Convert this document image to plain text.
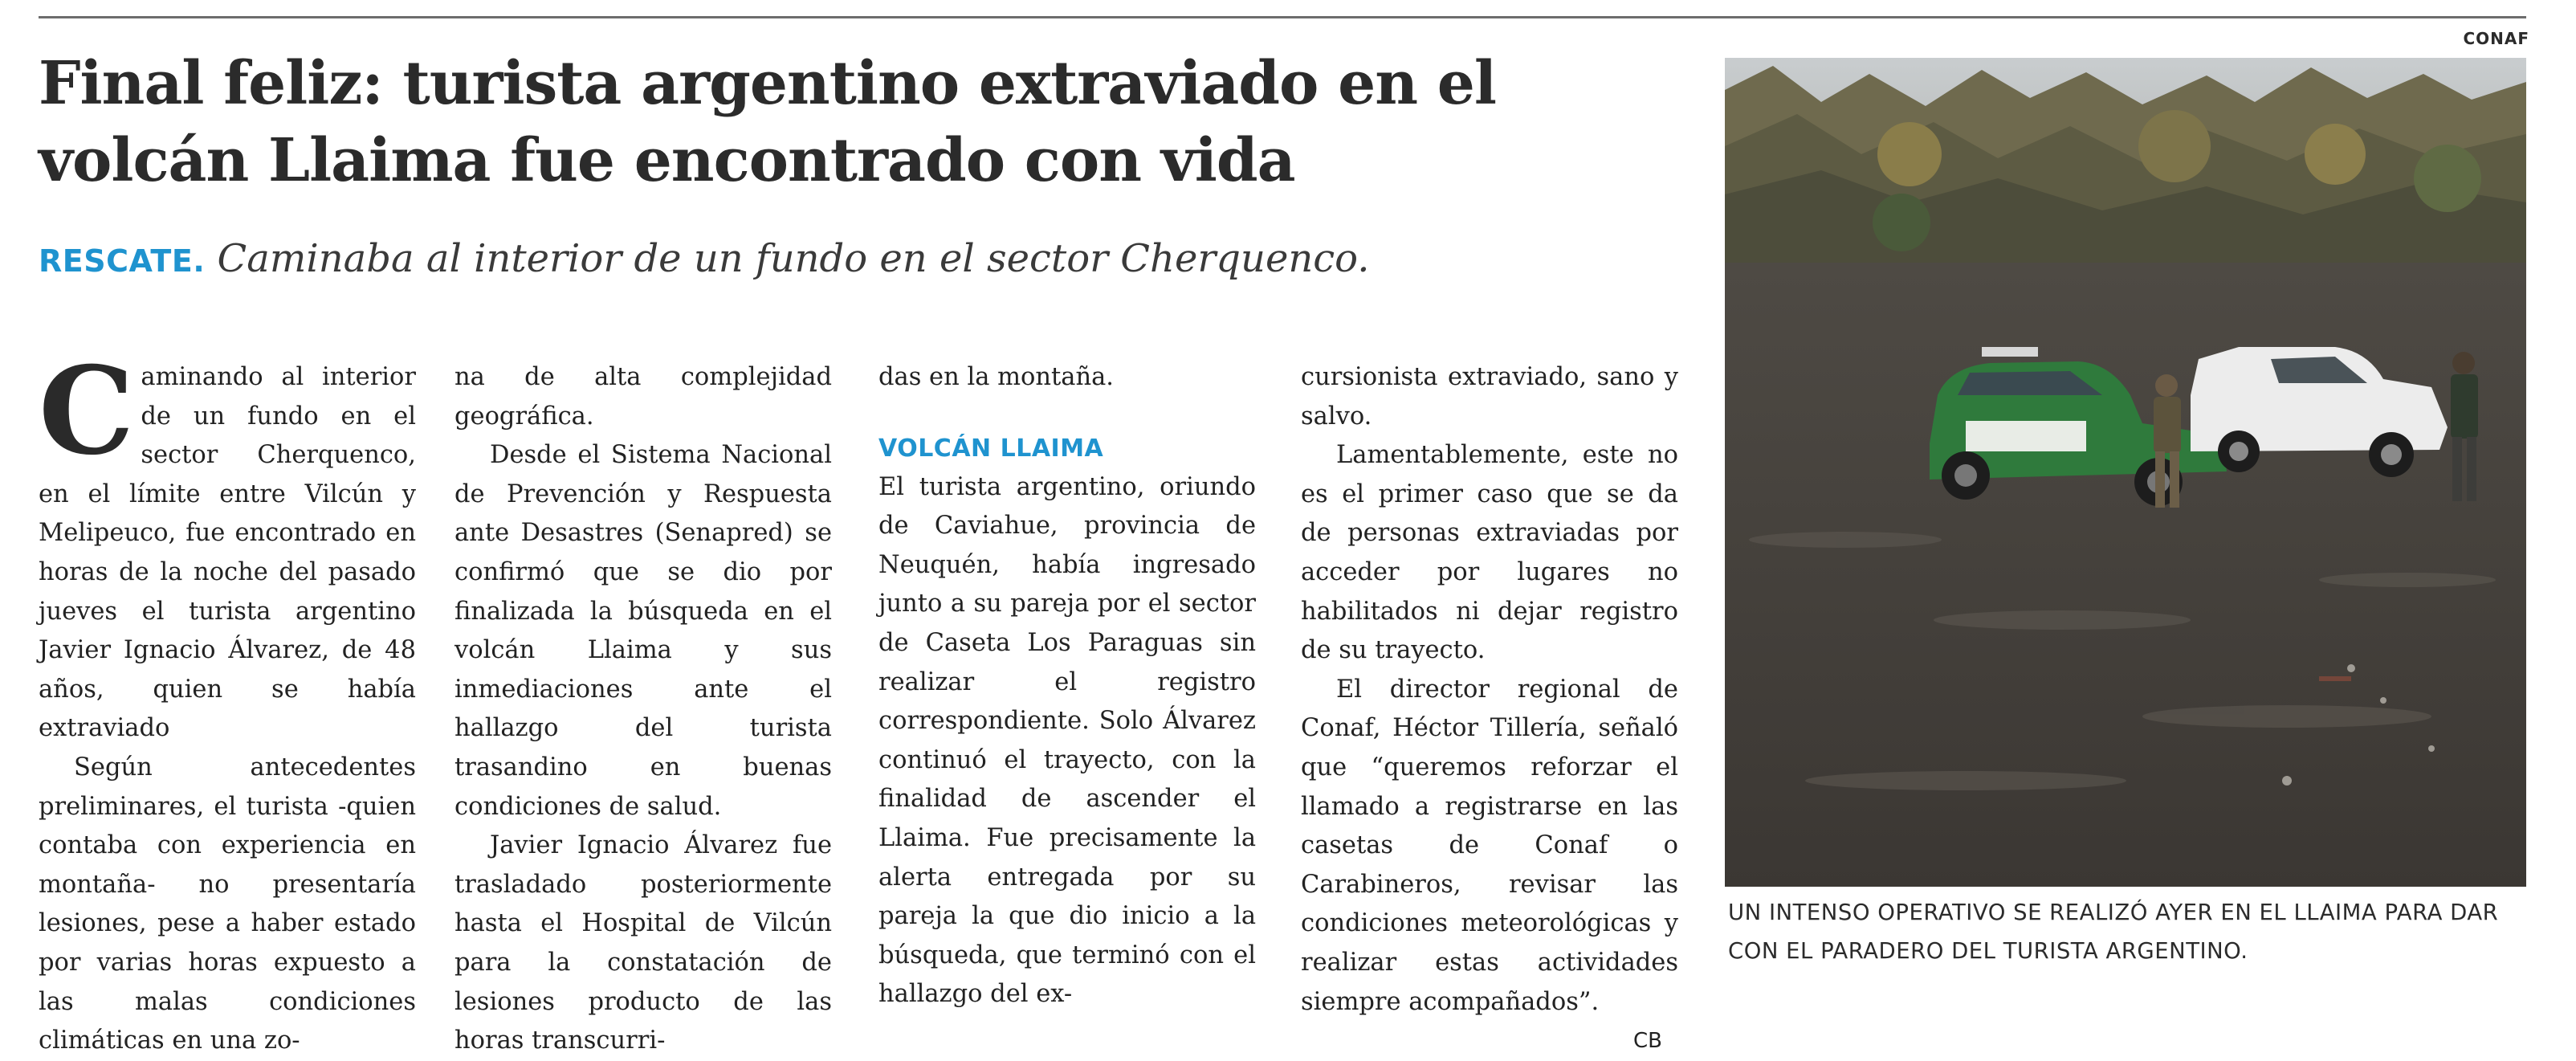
Final feliz: turista argentino extraviado en el volcán Llaima fue encontrado con vida

RESCATE. Caminaba al interior de un fundo en el sector Cherquenco.

C aminando al interior de un fundo en el sector Cherquenco, en el límite entre Vilcún y Melipeuco, fue encontrado en horas de la noche del pasado jueves el turista argentino Javier Ignacio Álvarez, de 48 años, quien se había extraviado

Según antecedentes preliminares, el turista -quien contaba con experiencia en montaña- no presentaría lesiones, pese a haber estado por varias horas expuesto a las malas condiciones climáticas en una zo-

na de alta complejidad geográfica.

Desde el Sistema Nacional de Prevención y Respuesta ante Desastres (Senapred) se confirmó que se dio por finalizada la búsqueda en el volcán Llaima y sus inmediaciones ante el hallazgo del turista trasandino en buenas condiciones de salud.

Javier Ignacio Álvarez fue trasladado posteriormente hasta el Hospital de Vilcún para la constatación de lesiones producto de las horas transcurri-

das en la montaña.

VOLCÁN LLAIMA

El turista argentino, oriundo de Caviahue, provincia de Neuquén, había ingresado junto a su pareja por el sector de Caseta Los Paraguas sin realizar el registro correspondiente. Solo Álvarez continuó el trayecto, con la finalidad de ascender el Llaima. Fue precisamente la alerta entregada por su pareja la que dio inicio a la búsqueda, que terminó con el hallazgo del ex-

cursionista extraviado, sano y salvo.

Lamentablemente, este no es el primer caso que se da de personas extraviadas por acceder por lugares no habilitados ni dejar registro de su trayecto.

El director regional de Conaf, Héctor Tillería, señaló que “queremos reforzar el llamado a registrarse en las casetas de Conaf o Carabineros, revisar las condiciones meteorológicas y realizar estas actividades siempre acompañados”.
CB

CONAF
UN INTENSO OPERATIVO SE REALIZÓ AYER EN EL LLAIMA PARA DAR CON EL PARADERO DEL TURISTA ARGENTINO.
